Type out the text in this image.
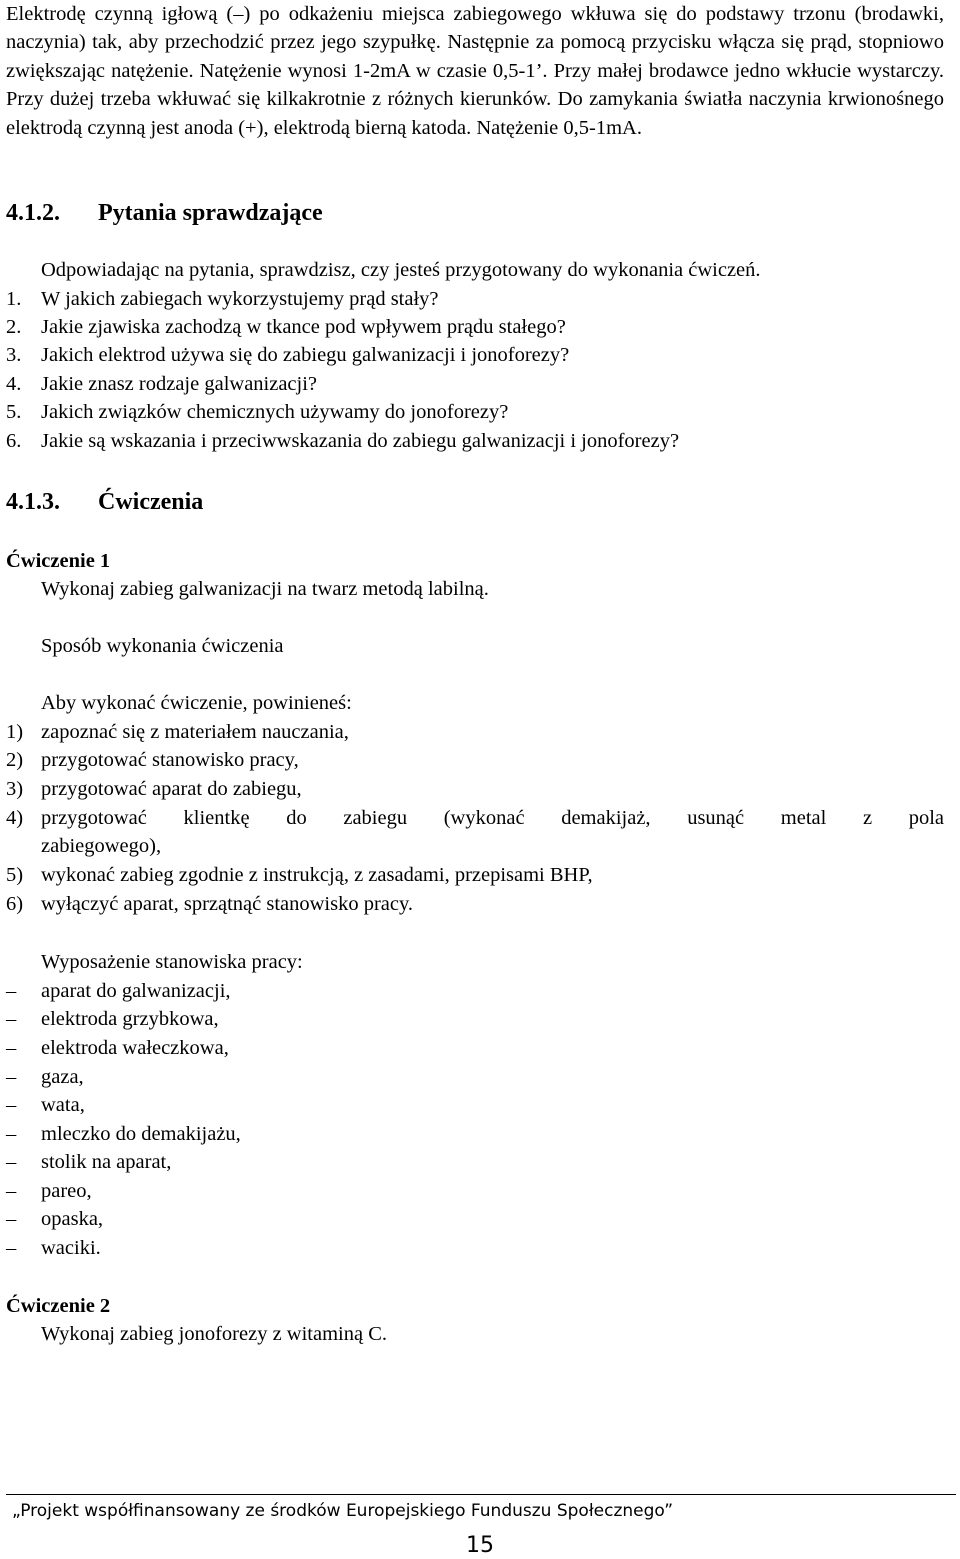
Elektrodę czynną igłową (–) po odkażeniu miejsca zabiegowego wkłuwa się do podstawy trzonu (brodawki, naczynia) tak, aby przechodzić przez jego szypułkę. Następnie za pomocą przycisku włącza się prąd, stopniowo zwiększając natężenie. Natężenie wynosi 1-2mA w czasie 0,5-1’. Przy małej brodawce jedno wkłucie wystarczy. Przy dużej trzeba wkłuwać się kilkakrotnie z różnych kierunków. Do zamykania światła naczynia krwionośnego elektrodą czynną jest anoda (+), elektrodą bierną katoda. Natężenie 0,5-1mA.

4.1.2. Pytania sprawdzające
Odpowiadając na pytania, sprawdzisz, czy jesteś przygotowany do wykonania ćwiczeń.
1. W jakich zabiegach wykorzystujemy prąd stały?
2. Jakie zjawiska zachodzą w tkance pod wpływem prądu stałego?
3. Jakich elektrod używa się do zabiegu galwanizacji i jonoforezy?
4. Jakie znasz rodzaje galwanizacji?
5. Jakich związków chemicznych używamy do jonoforezy?
6. Jakie są wskazania i przeciwwskazania do zabiegu galwanizacji i jonoforezy?
4.1.3. Ćwiczenia
Ćwiczenie 1
Wykonaj zabieg galwanizacji na twarz metodą labilną.
Sposób wykonania ćwiczenia
Aby wykonać ćwiczenie, powinieneś:
1) zapoznać się z materiałem nauczania,
2) przygotować stanowisko pracy,
3) przygotować aparat do zabiegu,
4) przygotować klientkę do zabiegu (wykonać demakijaż, usunąć metal z pola
zabiegowego),
5) wykonać zabieg zgodnie z instrukcją, z zasadami, przepisami BHP,
6) wyłączyć aparat, sprzątnąć stanowisko pracy.
Wyposażenie stanowiska pracy:
– aparat do galwanizacji,
– elektroda grzybkowa,
– elektroda wałeczkowa,
– gaza,
– wata,
– mleczko do demakijażu,
– stolik na aparat,
– pareo,
– opaska,
– waciki.
Ćwiczenie 2
Wykonaj zabieg jonoforezy z witaminą C.
„Projekt współfinansowany ze środków Europejskiego Funduszu Społecznego”
15
